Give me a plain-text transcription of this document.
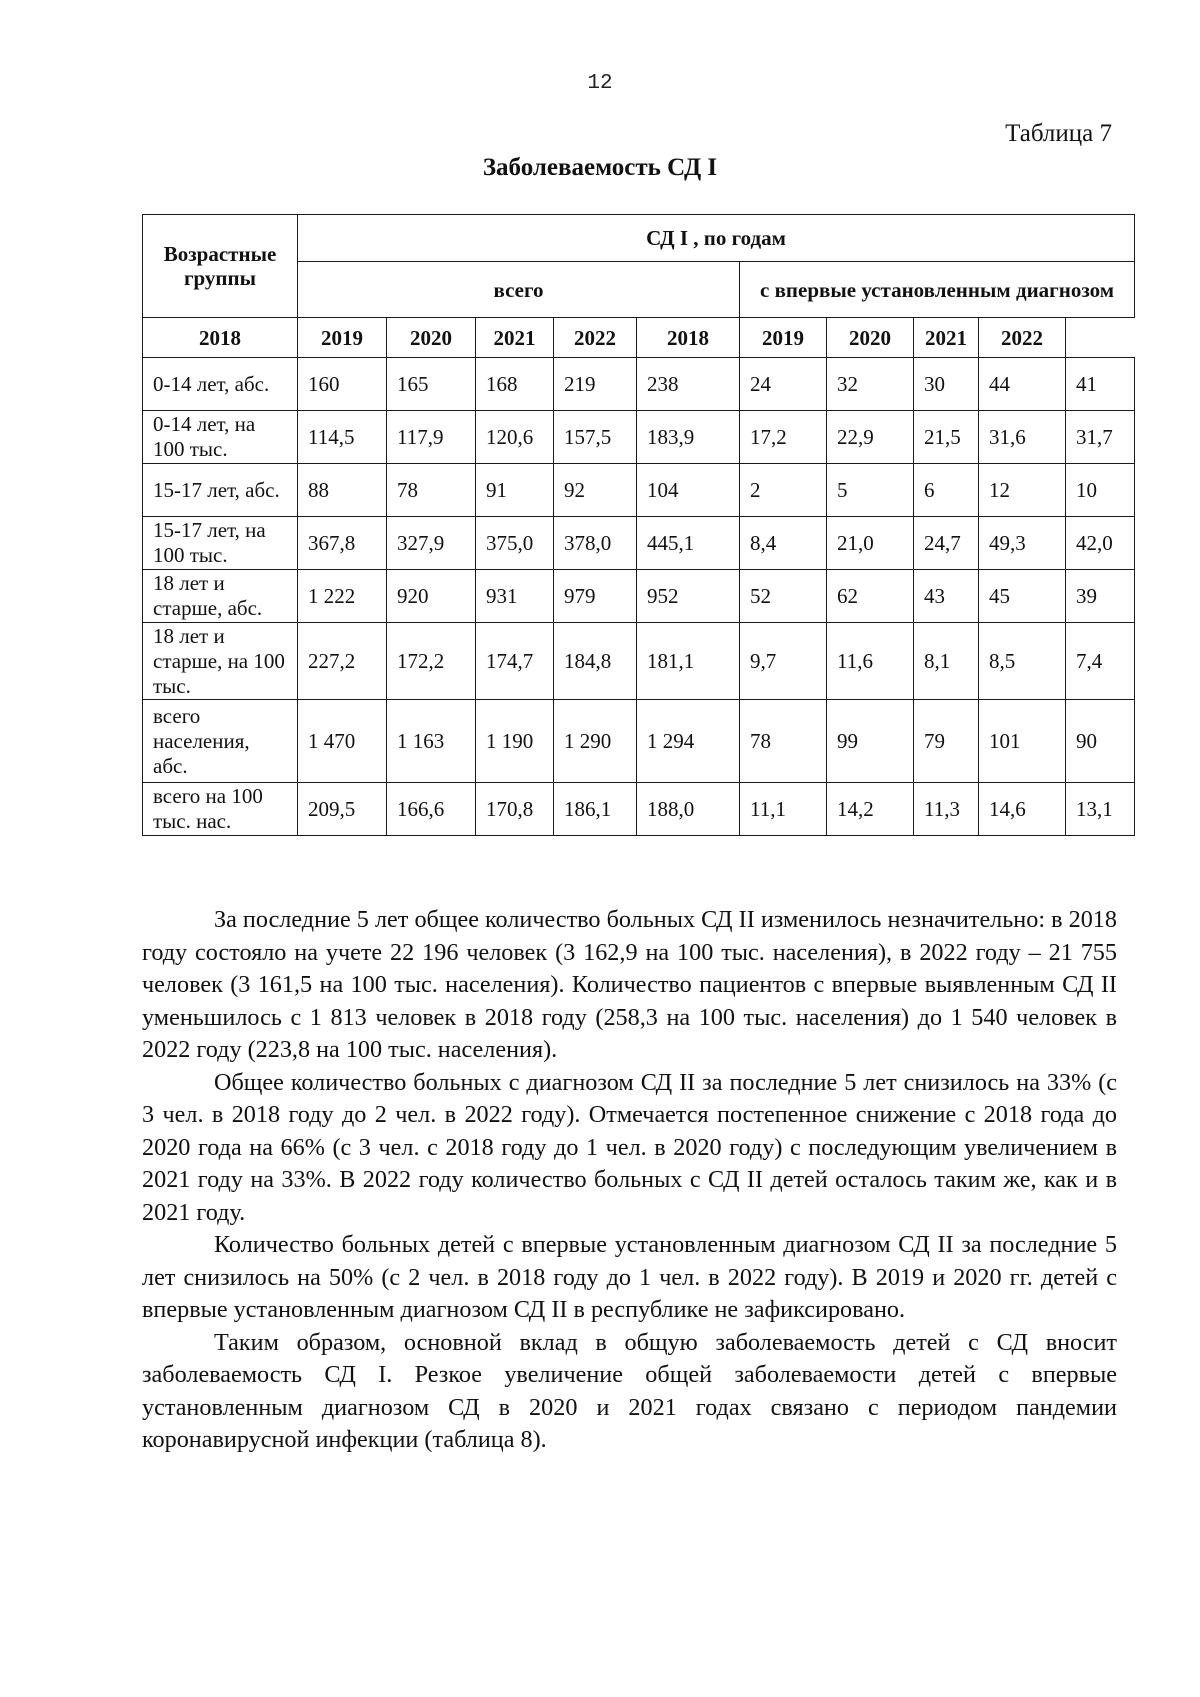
12
Таблица 7
Заболеваемость СД I
Возрастные группы	СД I , по годам									
	всего					с впервые установленным диагнозом				
2018	2019	2020	2021	2022	2018	2019	2020	2021	2022	
0-14 лет, абс.	160	165	168	219	238	24	32	30	44	41
0-14 лет, на 100 тыс.	114,5	117,9	120,6	157,5	183,9	17,2	22,9	21,5	31,6	31,7
15-17 лет, абс.	88	78	91	92	104	2	5	6	12	10
15-17 лет, на 100 тыс.	367,8	327,9	375,0	378,0	445,1	8,4	21,0	24,7	49,3	42,0
18 лет и старше, абс.	1 222	920	931	979	952	52	62	43	45	39
18 лет и старше, на 100 тыс.	227,2	172,2	174,7	184,8	181,1	9,7	11,6	8,1	8,5	7,4
всего населения, абс.	1 470	1 163	1 190	1 290	1 294	78	99	79	101	90
всего на 100 тыс. нас.	209,5	166,6	170,8	186,1	188,0	11,1	14,2	11,3	14,6	13,1

За последние 5 лет общее количество больных СД II изменилось незначительно: в 2018 году состояло на учете 22 196 человек (3 162,9 на 100 тыс. населения), в 2022 году – 21 755 человек (3 161,5 на 100 тыс. населения). Количество пациентов с впервые выявленным СД II уменьшилось с 1 813 человек в 2018 году (258,3 на 100 тыс. населения) до 1 540 человек в 2022 году (223,8 на 100 тыс. населения).

Общее количество больных с диагнозом СД II за последние 5 лет снизилось на 33% (с 3 чел. в 2018 году до 2 чел. в 2022 году). Отмечается постепенное снижение с 2018 года до 2020 года на 66% (с 3 чел. с 2018 году до 1 чел. в 2020 году) с последующим увеличением в 2021 году на 33%. В 2022 году количество больных с СД II детей осталось таким же, как и в 2021 году.

Количество больных детей с впервые установленным диагнозом СД II за последние 5 лет снизилось на 50% (с 2 чел. в 2018 году до 1 чел. в 2022 году). В 2019 и 2020 гг. детей с впервые установленным диагнозом СД II в республике не зафиксировано.

Таким образом, основной вклад в общую заболеваемость детей с СД вносит заболеваемость СД I. Резкое увеличение общей заболеваемости детей с впервые установленным диагнозом СД в 2020 и 2021 годах связано с периодом пандемии коронавирусной инфекции (таблица 8).
